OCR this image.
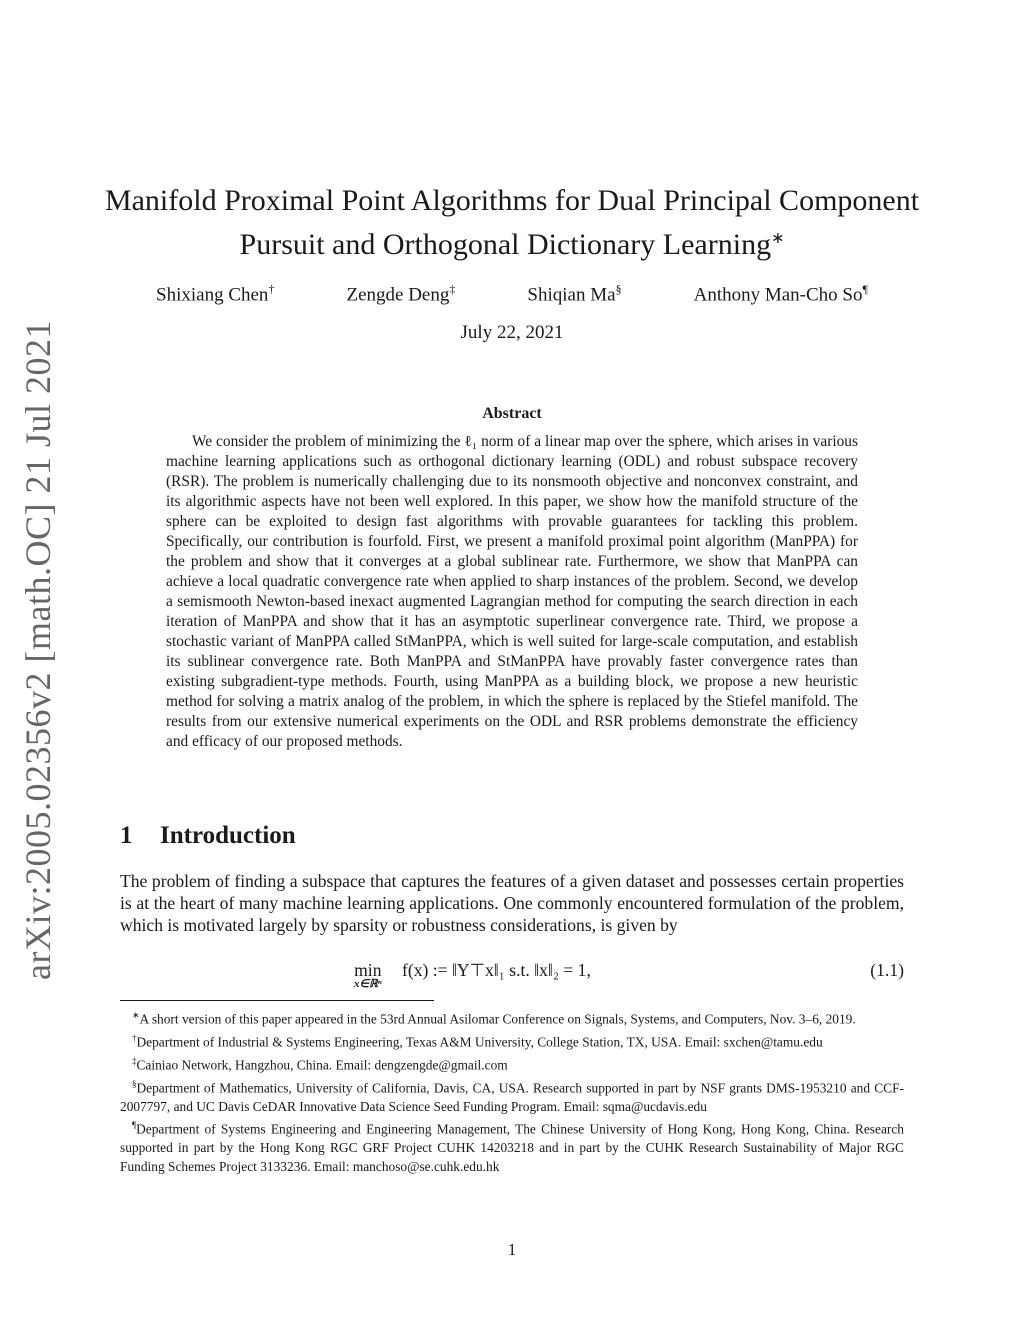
arXiv:2005.02356v2 [math.OC] 21 Jul 2021
Manifold Proximal Point Algorithms for Dual Principal Component
Pursuit and Orthogonal Dictionary Learning∗
Shixiang Chen†	Zengde Deng‡	Shiqian Ma§	Anthony Man-Cho So¶
July 22, 2021
Abstract
We consider the problem of minimizing the ℓ₁ norm of a linear map over the sphere, which arises in various machine learning applications such as orthogonal dictionary learning (ODL) and robust subspace recovery (RSR). The problem is numerically challenging due to its nonsmooth objective and nonconvex constraint, and its algorithmic aspects have not been well explored. In this paper, we show how the manifold structure of the sphere can be exploited to design fast algorithms with provable guarantees for tackling this problem. Specifically, our contribution is fourfold. First, we present a manifold proximal point algorithm (ManPPA) for the problem and show that it converges at a global sublinear rate. Furthermore, we show that ManPPA can achieve a local quadratic convergence rate when applied to sharp instances of the problem. Second, we develop a semismooth Newton-based inexact augmented Lagrangian method for computing the search direction in each iteration of ManPPA and show that it has an asymptotic superlinear convergence rate. Third, we propose a stochastic variant of ManPPA called StManPPA, which is well suited for large-scale computation, and establish its sublinear convergence rate. Both ManPPA and StManPPA have provably faster convergence rates than existing subgradient-type methods. Fourth, using ManPPA as a building block, we propose a new heuristic method for solving a matrix analog of the problem, in which the sphere is replaced by the Stiefel manifold. The results from our extensive numerical experiments on the ODL and RSR problems demonstrate the efficiency and efficacy of our proposed methods.
1 Introduction
The problem of finding a subspace that captures the features of a given dataset and possesses certain properties is at the heart of many machine learning applications. One commonly encountered formulation of the problem, which is motivated largely by sparsity or robustness considerations, is given by
min
x∈ℝⁿ
f(x) := ‖Y⊤x‖₁ s.t. ‖x‖₂ = 1,	(1.1)
∗A short version of this paper appeared in the 53rd Annual Asilomar Conference on Signals, Systems, and Computers, Nov. 3–6, 2019.
†Department of Industrial & Systems Engineering, Texas A&M University, College Station, TX, USA. Email: sxchen@tamu.edu
‡Cainiao Network, Hangzhou, China. Email: dengzengde@gmail.com
§Department of Mathematics, University of California, Davis, CA, USA. Research supported in part by NSF grants DMS-1953210 and CCF-2007797, and UC Davis CeDAR Innovative Data Science Seed Funding Program. Email: sqma@ucdavis.edu
¶Department of Systems Engineering and Engineering Management, The Chinese University of Hong Kong, Hong Kong, China. Research supported in part by the Hong Kong RGC GRF Project CUHK 14203218 and in part by the CUHK Research Sustainability of Major RGC Funding Schemes Project 3133236. Email: manchoso@se.cuhk.edu.hk
1
